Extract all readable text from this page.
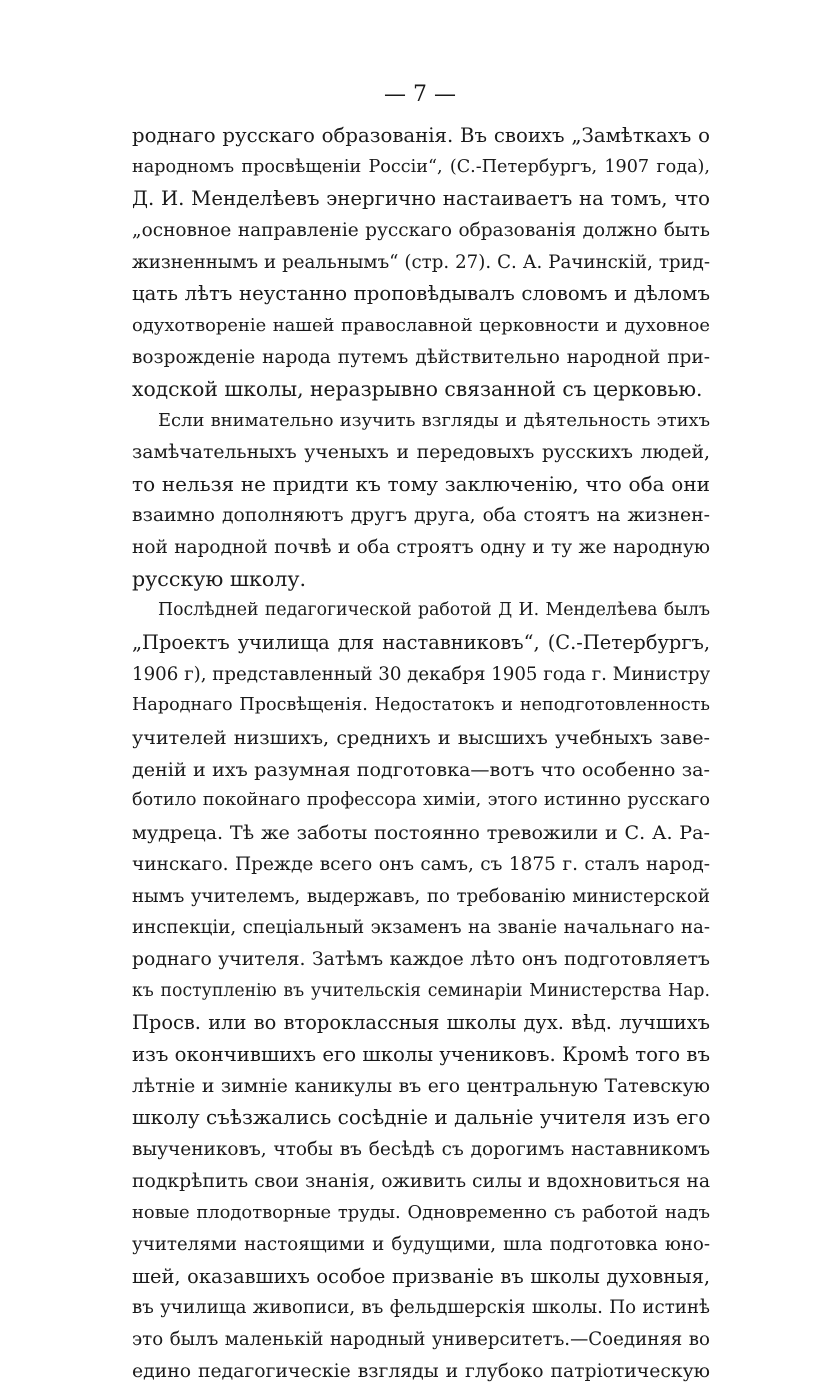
— 7 —
роднаго русскаго образованія. Въ своихъ „Замѣткахъ о
народномъ просвѣщеніи Россіи“, (С.-Петербургъ, 1907 года),
Д. И. Менделѣевъ энергично настаиваетъ на томъ, что
„основное направленіе русскаго образованія должно быть
жизненнымъ и реальнымъ“ (стр. 27). С. А. Рачинскій, трид-
цать лѣтъ неустанно проповѣдывалъ словомъ и дѣломъ
одухотвореніе нашей православной церковности и духовное
возрожденіе народа путемъ дѣйствительно народной при-
ходской школы, неразрывно связанной съ церковью.
Если внимательно изучить взгляды и дѣятельность этихъ
замѣчательныхъ ученыхъ и передовыхъ русскихъ людей,
то нельзя не придти къ тому заключенію, что оба они
взаимно дополняютъ другъ друга, оба стоятъ на жизнен-
ной народной почвѣ и оба строятъ одну и ту же народную
русскую школу.
Послѣдней педагогической работой Д И. Менделѣева былъ
„Проектъ училища для наставниковъ“, (С.-Петербургъ,
1906 г), представленный 30 декабря 1905 года г. Министру
Народнаго Просвѣщенія. Недостатокъ и неподготовленность
учителей низшихъ, среднихъ и высшихъ учебныхъ заве-
деній и ихъ разумная подготовка—вотъ что особенно за-
ботило покойнаго профессора химіи, этого истинно русскаго
мудреца. Тѣ же заботы постоянно тревожили и С. А. Ра-
чинскаго. Прежде всего онъ самъ, съ 1875 г. сталъ народ-
нымъ учителемъ, выдержавъ, по требованію министерской
инспекціи, спеціальный экзаменъ на званіе начальнаго на-
роднаго учителя. Затѣмъ каждое лѣто онъ подготовляетъ
къ поступленію въ учительскія семинаріи Министерства Нар.
Просв. или во второклассныя школы дух. вѣд. лучшихъ
изъ окончившихъ его школы учениковъ. Кромѣ того въ
лѣтніе и зимніе каникулы въ его центральную Татевскую
школу съѣзжались сосѣдніе и дальніе учителя изъ его
выучениковъ, чтобы въ бесѣдѣ съ дорогимъ наставникомъ
подкрѣпить свои знанія, оживить силы и вдохновиться на
новые плодотворные труды. Одновременно съ работой надъ
учителями настоящими и будущими, шла подготовка юно-
шей, оказавшихъ особое призваніе въ школы духовныя,
въ училища живописи, въ фельдшерскія школы. По истинѣ
это былъ маленькій народный университетъ.—Соединяя во
едино педагогическіе взгляды и глубоко патріотическую
